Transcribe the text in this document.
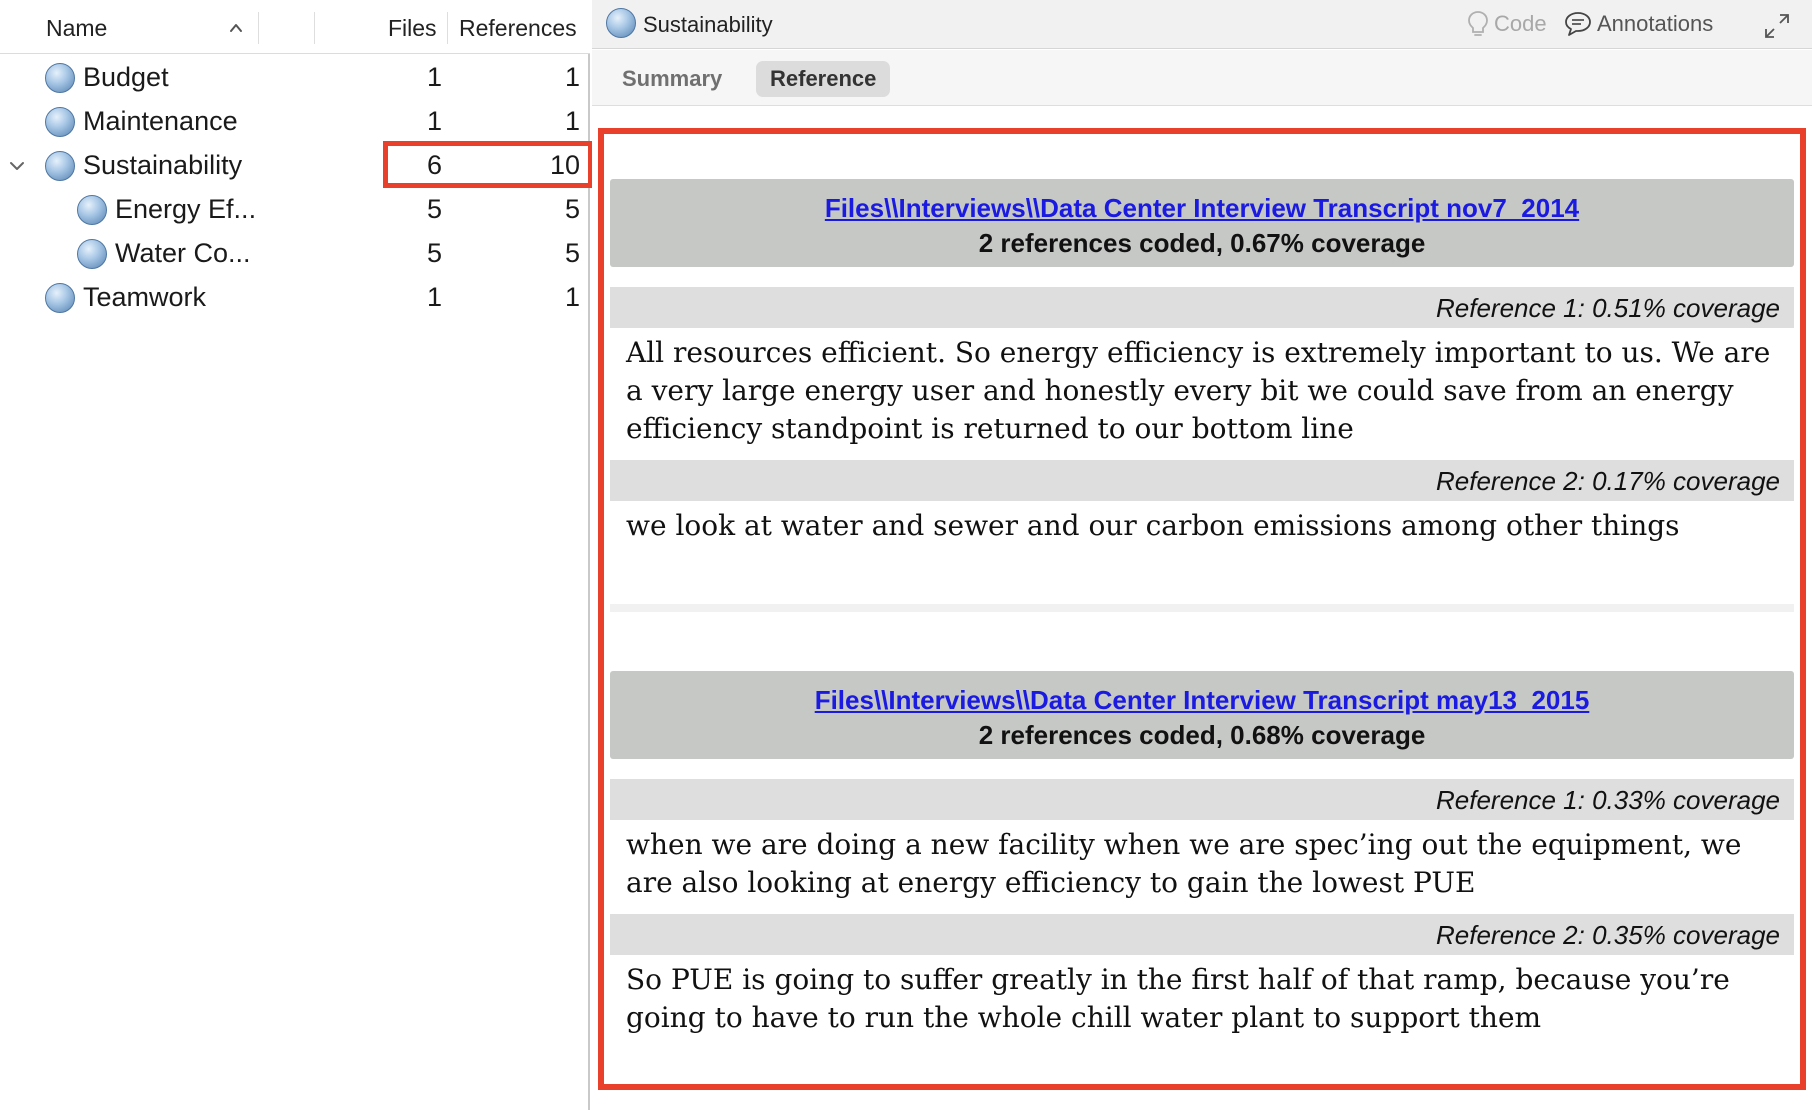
Name	Files References
Budget	1	1
Maintenance	1	1
Sustainability	6	10
Energy Ef...	5	5
Water Co...	5	5
Teamwork	1	1
Sustainability	Code Annotations
Summary	Reference
Files\\Interviews\\Data Center Interview Transcript nov7_2014
2 references coded, 0.67% coverage
Reference 1: 0.51% coverage
All resources efficient. So energy efficiency is extremely important to us. We are a very large energy user and honestly every bit we could save from an energy efficiency standpoint is returned to our bottom line
Reference 2: 0.17% coverage
we look at water and sewer and our carbon emissions among other things
Files\\Interviews\\Data Center Interview Transcript may13_2015
2 references coded, 0.68% coverage
Reference 1: 0.33% coverage
when we are doing a new facility when we are spec’ing out the equipment, we are also looking at energy efficiency to gain the lowest PUE
Reference 2: 0.35% coverage
So PUE is going to suffer greatly in the first half of that ramp, because you’re going to have to run the whole chill water plant to support them
